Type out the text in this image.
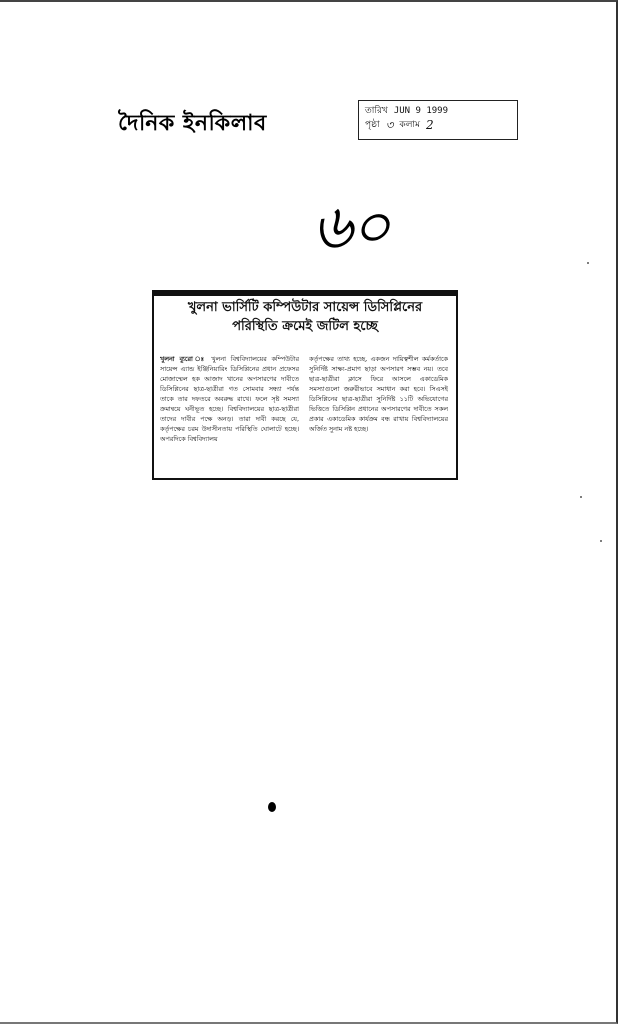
দৈনিক ইনকিলাব	তারিখ JUN 9 1999
পৃষ্ঠা ৩ কলাম 2
৬০
খুলনা ভার্সিটি কম্পিউটার সায়েন্স ডিসিপ্লিনের
পরিস্থিতি ক্রমেই জটিল হচ্ছে
খুলনা ব্যুরো ঃ খুলনা বিশ্ববিদ্যালয়ের কম্পিউটার সায়েন্স এ্যান্ড ইঞ্জিনিয়ারিং ডিসিপ্লিনের প্রধান প্রফেসর মোজাম্মেল হক আজাদ খানের অপসারণের দাবীতে ডিসিপ্লিনের ছাত্র-ছাত্রীরা গত সোমবার সন্ধ্যা পর্যন্ত তাকে তার দফতরে অবরুদ্ধ রাখে। ফলে সৃষ্ট সমস্যা ক্রমান্বয়ে ঘনীভূত হচ্ছে। বিশ্ববিদ্যালয়ের ছাত্র-ছাত্রীরা তাদের দাবীর পক্ষে অনড়। তারা দাবী করছে যে, কর্তৃপক্ষের চরম উদাসীনতায় পরিস্থিতি ঘোলাটে হচ্ছে। অপরদিকে বিশ্ববিদ্যালয়
কর্তৃপক্ষের তাথ্য হচ্ছে, একজন দায়িত্বশীল কর্মকর্তাকে সুনির্দিষ্ট সাক্ষ্য-প্রমাণ ছাড়া অপসারণ সম্ভব নয়। তবে ছাত্র-ছাত্রীরা ক্লাসে ফিরে আসলে একাডেমিক সমস্যাগুলো জরুরীভাবে সমাধান করা হবে। সিএসই ডিসিপ্লিনের ছাত্র-ছাত্রীরা সুনির্দিষ্ট ১১টি অভিযোগের ভিত্তিতে ডিসিপ্লিন প্রধানের অপসারণের দাবীতে সকল প্রকার একাডেমিক কার্যক্রম বন্ধ রাখায় বিশ্ববিদ্যালয়ের অর্জিত সুনাম নষ্ট হচ্ছে।
